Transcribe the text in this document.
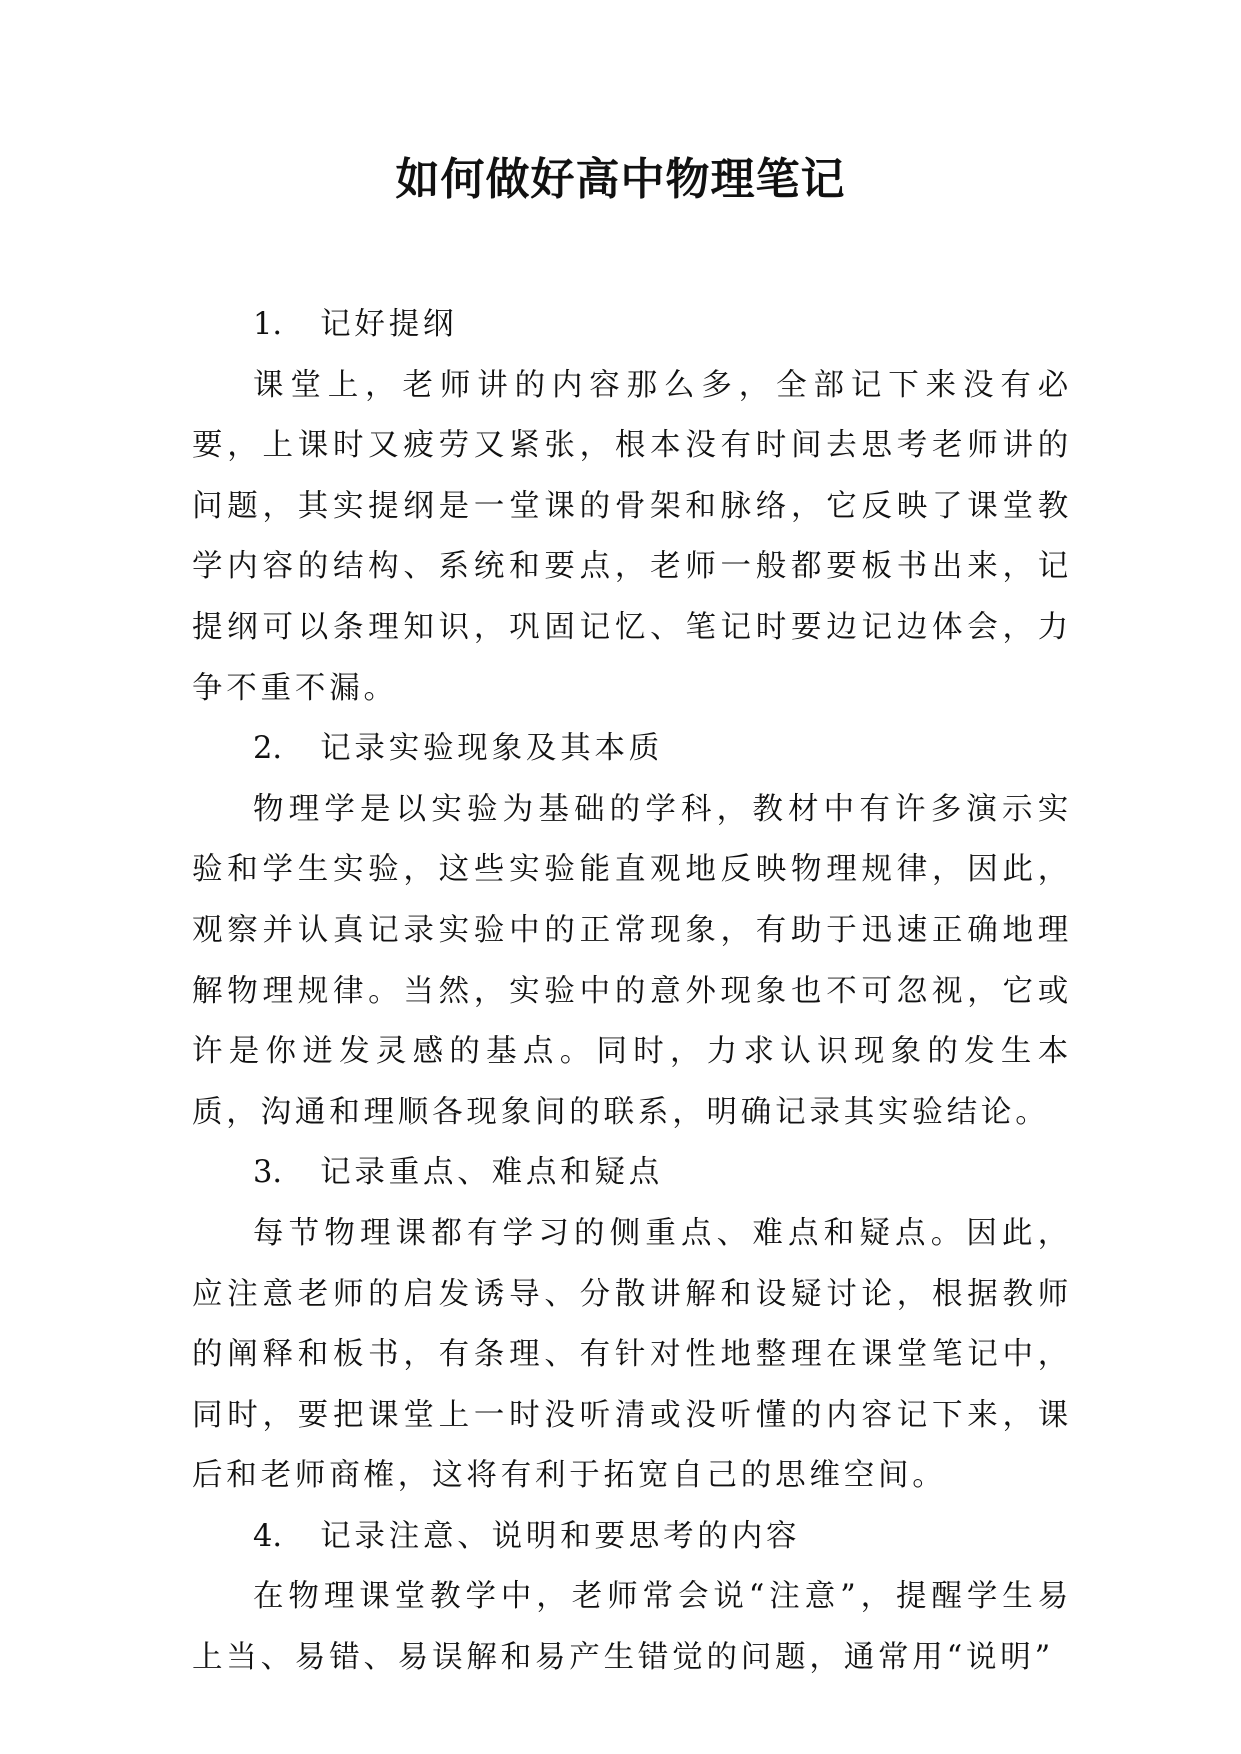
如何做好高中物理笔记

1. 记好提纲

课堂上，老师讲的内容那么多，全部记下来没有必要，上课时又疲劳又紧张，根本没有时间去思考老师讲的问题，其实提纲是一堂课的骨架和脉络，它反映了课堂教学内容的结构、系统和要点，老师一般都要板书出来，记提纲可以条理知识，巩固记忆、笔记时要边记边体会，力争不重不漏。

2. 记录实验现象及其本质

物理学是以实验为基础的学科，教材中有许多演示实验和学生实验，这些实验能直观地反映物理规律，因此，观察并认真记录实验中的正常现象，有助于迅速正确地理解物理规律。当然，实验中的意外现象也不可忽视，它或许是你迸发灵感的基点。同时，力求认识现象的发生本质，沟通和理顺各现象间的联系，明确记录其实验结论。

3. 记录重点、难点和疑点

每节物理课都有学习的侧重点、难点和疑点。因此，应注意老师的启发诱导、分散讲解和设疑讨论，根据教师的阐释和板书，有条理、有针对性地整理在课堂笔记中，同时，要把课堂上一时没听清或没听懂的内容记下来，课后和老师商榷，这将有利于拓宽自己的思维空间。

4. 记录注意、说明和要思考的内容

在物理课堂教学中，老师常会说“注意”，提醒学生易上当、易错、易误解和易产生错觉的问题，通常用“说明”
